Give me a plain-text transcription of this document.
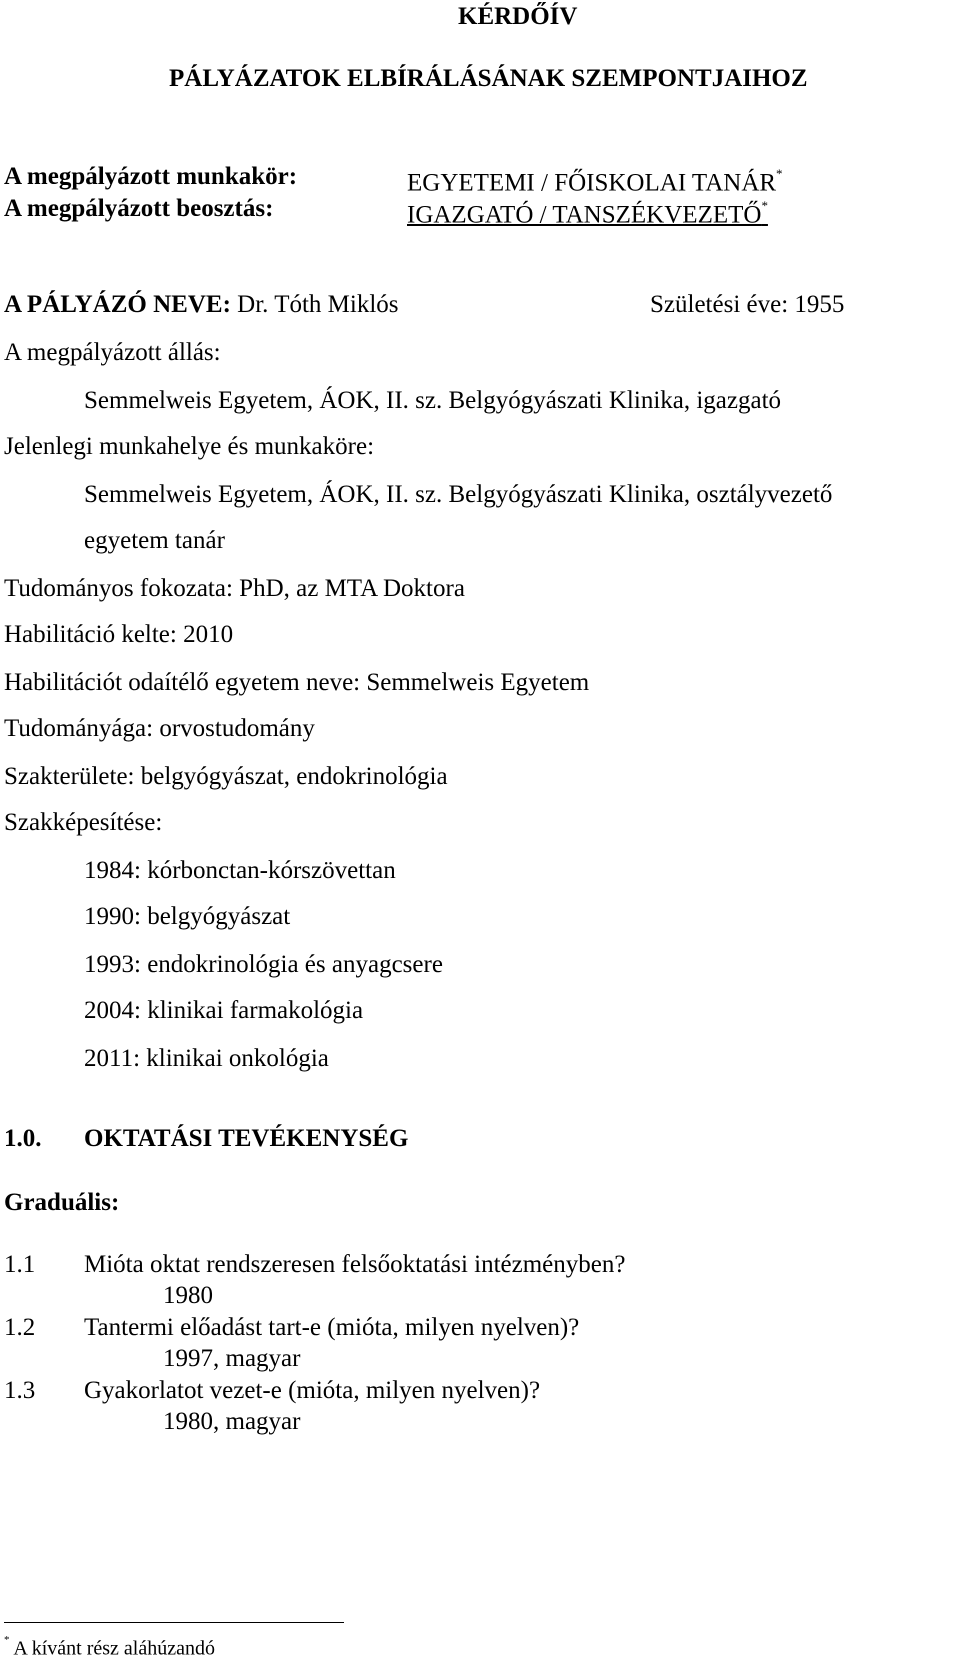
KÉRDŐÍV
PÁLYÁZATOK ELBÍRÁLÁSÁNAK SZEMPONTJAIHOZ
A megpályázott munkakör:	EGYETEMI / FŐISKOLAI TANÁR*
A megpályázott beosztás:	IGAZGATÓ / TANSZÉKVEZETŐ*
A PÁLYÁZÓ NEVE: Dr. Tóth Miklós	Születési éve: 1955
A megpályázott állás:
Semmelweis Egyetem, ÁOK, II. sz. Belgyógyászati Klinika, igazgató
Jelenlegi munkahelye és munkaköre:
Semmelweis Egyetem, ÁOK, II. sz. Belgyógyászati Klinika, osztályvezető
egyetem tanár
Tudományos fokozata: PhD, az MTA Doktora
Habilitáció kelte: 2010
Habilitációt odaítélő egyetem neve: Semmelweis Egyetem
Tudományága: orvostudomány
Szakterülete: belgyógyászat, endokrinológia
Szakképesítése:
1984: kórbonctan-kórszövettan
1990: belgyógyászat
1993: endokrinológia és anyagcsere
2004: klinikai farmakológia
2011: klinikai onkológia
1.0. OKTATÁSI TEVÉKENYSÉG
Graduális:
1.1 Mióta oktat rendszeresen felsőoktatási intézményben?
1980
1.2 Tantermi előadást tart-e (mióta, milyen nyelven)?
1997, magyar
1.3 Gyakorlatot vezet-e (mióta, milyen nyelven)?
1980, magyar
* A kívánt rész aláhúzandó
